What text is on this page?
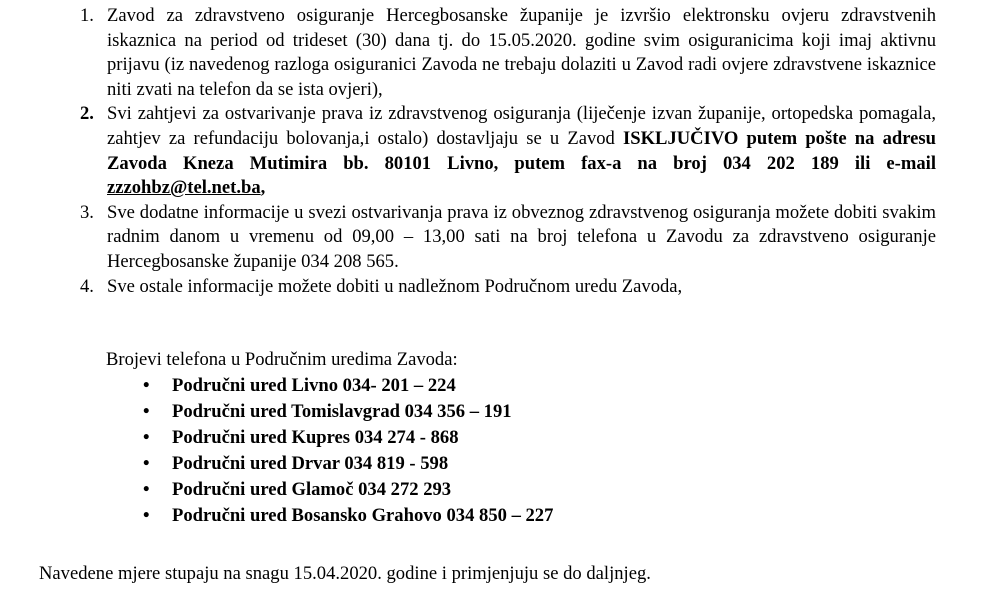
1. Zavod za zdravstveno osiguranje Hercegbosanske županije je izvršio elektronsku ovjeru zdravstvenih iskaznica na period od trideset (30) dana tj. do 15.05.2020. godine svim osiguranicima koji imaj aktivnu prijavu (iz navedenog razloga osiguranici Zavoda ne trebaju dolaziti u Zavod radi ovjere zdravstvene iskaznice niti zvati na telefon da se ista ovjeri),
2. Svi zahtjevi za ostvarivanje prava iz zdravstvenog osiguranja (liječenje izvan županije, ortopedska pomagala, zahtjev za refundaciju bolovanja,i ostalo) dostavljaju se u Zavod ISKLJUČIVO putem pošte na adresu Zavoda Kneza Mutimira bb. 80101 Livno, putem fax-a na broj 034 202 189 ili e-mail zzzohbz@tel.net.ba,
3. Sve dodatne informacije u svezi ostvarivanja prava iz obveznog zdravstvenog osiguranja možete dobiti svakim radnim danom u vremenu od 09,00 – 13,00 sati na broj telefona u Zavodu za zdravstveno osiguranje Hercegbosanske županije 034 208 565.
4. Sve ostale informacije možete dobiti u nadležnom Područnom uredu Zavoda,
Brojevi telefona u Područnim uredima Zavoda:
• Područni ured Livno 034- 201 – 224
• Područni ured Tomislavgrad 034 356 – 191
• Područni ured Kupres 034 274 - 868
• Područni ured Drvar 034 819 - 598
• Područni ured Glamoč 034 272 293
• Područni ured Bosansko Grahovo 034 850 – 227
Navedene mjere stupaju na snagu 15.04.2020. godine i primjenjuju se do daljnjeg.
